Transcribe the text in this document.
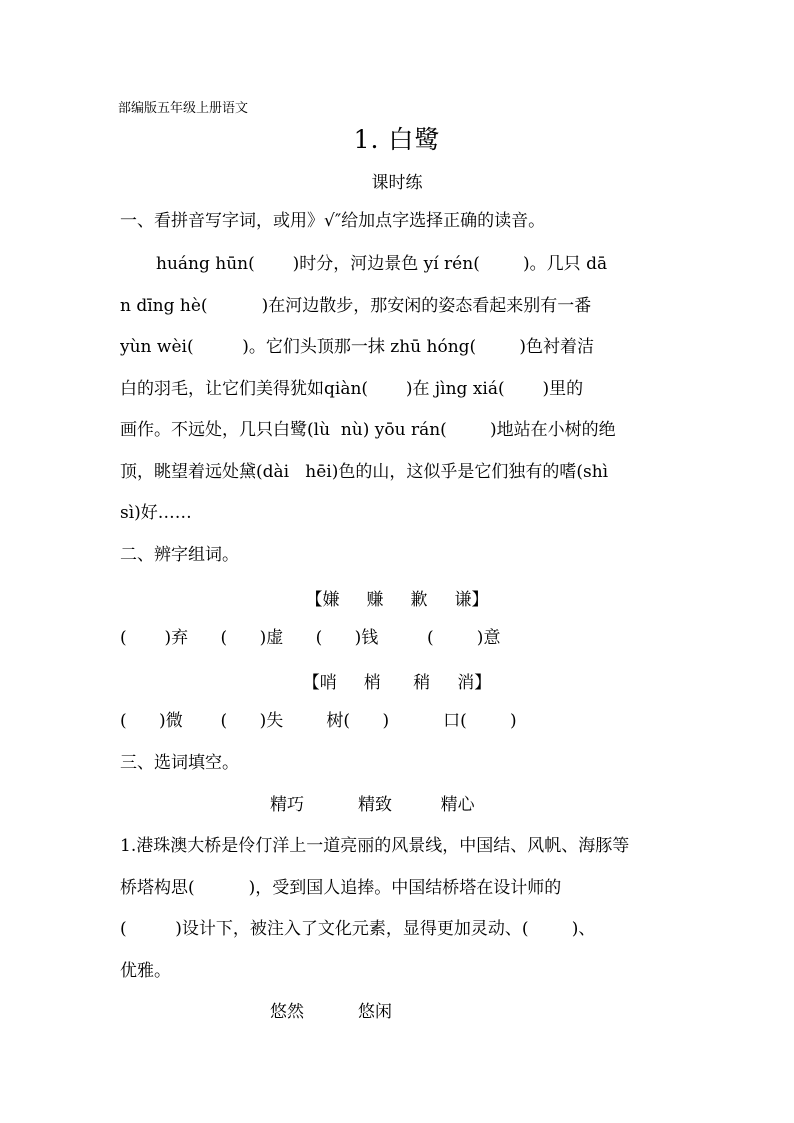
部编版五年级上册语文
1. 白鹭
课时练
一、看拼音写字词，或用》√″给加点字选择正确的读音。
huáng hūn(       )时分，河边景色 yí rén(        )。几只 dā
n dīng hè(          )在河边散步，那安闲的姿态看起来别有一番
yùn wèi(         )。它们头顶那一抹 zhū hóng(        )色衬着洁
白的羽毛，让它们美得犹如qiàn(       )在 jìng xiá(       )里的
画作。不远处，几只白鹭(lù  nù) yōu rán(        )地站在小树的绝
顶，眺望着远处黛(dài   hēi)色的山，这似乎是它们独有的嗜(shì
sì)好……
二、辨字组词。
【嫌     赚     歉     谦】
(       )弃      (      )虚      (      )钱         (        )意
【哨     梢      稍     消】
(      )微       (      )失        树(      )          口(        )
三、选词填空。
精巧          精致         精心
1.港珠澳大桥是伶仃洋上一道亮丽的风景线，中国结、风帆、海豚等
桥塔构思(          )，受到国人追捧。中国结桥塔在设计师的
(         )设计下，被注入了文化元素，显得更加灵动、(        )、
优雅。
悠然          悠闲
